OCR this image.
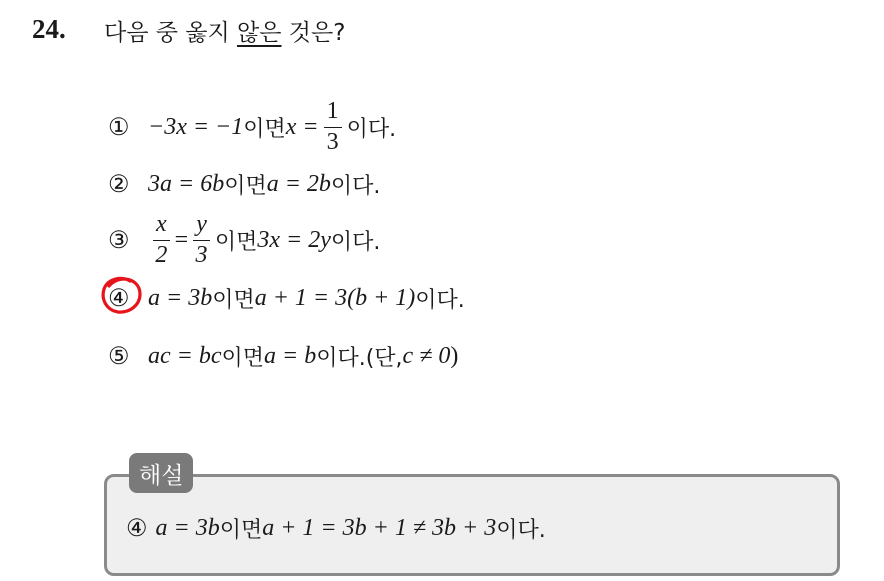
24. 다음 중 옳지 않은 것은?
① −3x = −1 이면 $x = \frac{1}{3}$ 이다.
② 3a = 6b 이면 a = 2b 이다.
③ $\frac{x}{2} = \frac{y}{3}$ 이면 3x = 2y 이다.
④ a = 3b 이면 a + 1 = 3(b + 1) 이다.
⑤ ac = bc 이면 a = b 이다.(단, c ≠ 0 )
해설
④ a = 3b 이면 a + 1 = 3b + 1 ≠ 3b + 3 이다.
